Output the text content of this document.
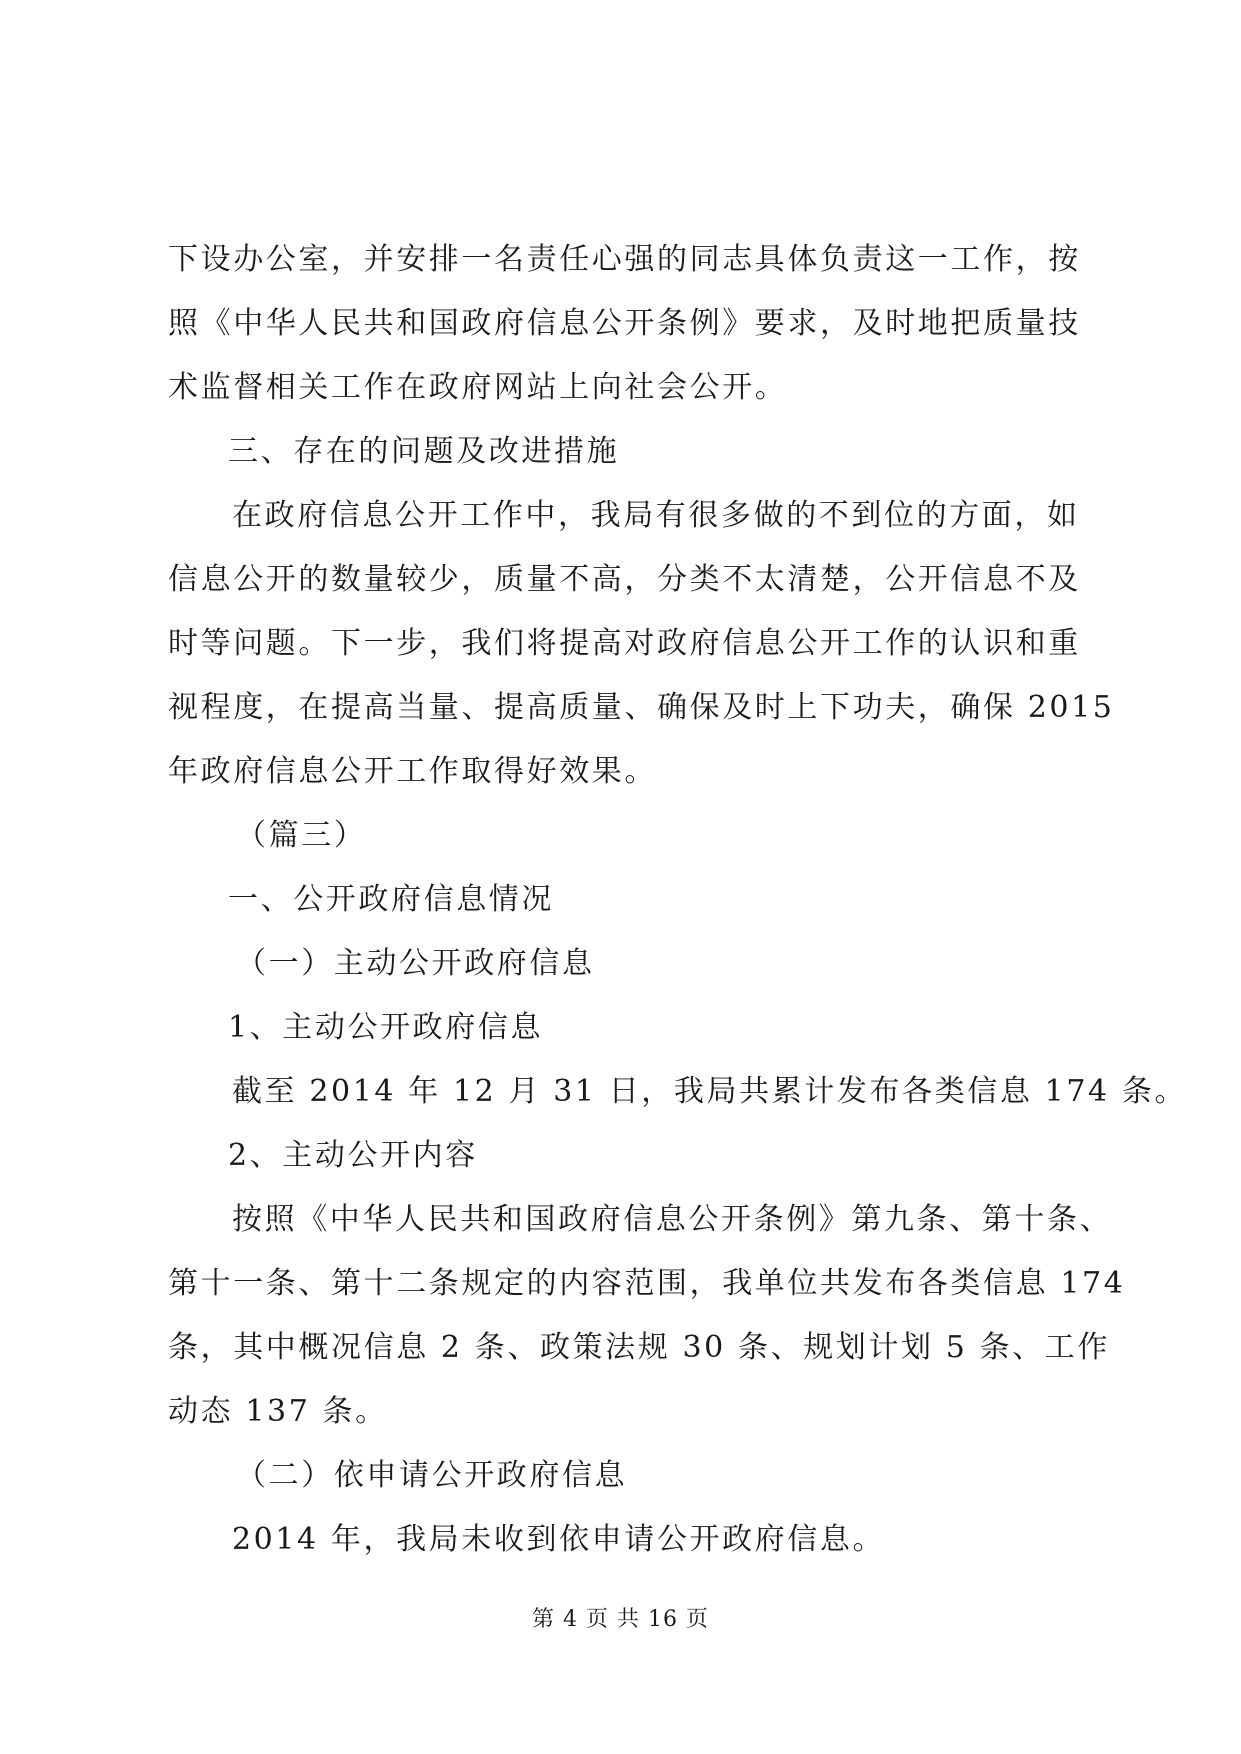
下设办公室，并安排一名责任心强的同志具体负责这一工作，按
照《中华人民共和国政府信息公开条例》要求，及时地把质量技
术监督相关工作在政府网站上向社会公开。
三、存在的问题及改进措施
在政府信息公开工作中，我局有很多做的不到位的方面，如
信息公开的数量较少，质量不高，分类不太清楚，公开信息不及
时等问题。下一步，我们将提高对政府信息公开工作的认识和重
视程度，在提高当量、提高质量、确保及时上下功夫，确保 2015
年政府信息公开工作取得好效果。
（篇三）
一、公开政府信息情况
（一）主动公开政府信息
1、主动公开政府信息
截至 2014 年 12 月 31 日，我局共累计发布各类信息 174 条。
2、主动公开内容
按照《中华人民共和国政府信息公开条例》第九条、第十条、
第十一条、第十二条规定的内容范围，我单位共发布各类信息 174
条，其中概况信息 2 条、政策法规 30 条、规划计划 5 条、工作
动态 137 条。
（二）依申请公开政府信息
2014 年，我局未收到依申请公开政府信息。
第 4 页 共 16 页
